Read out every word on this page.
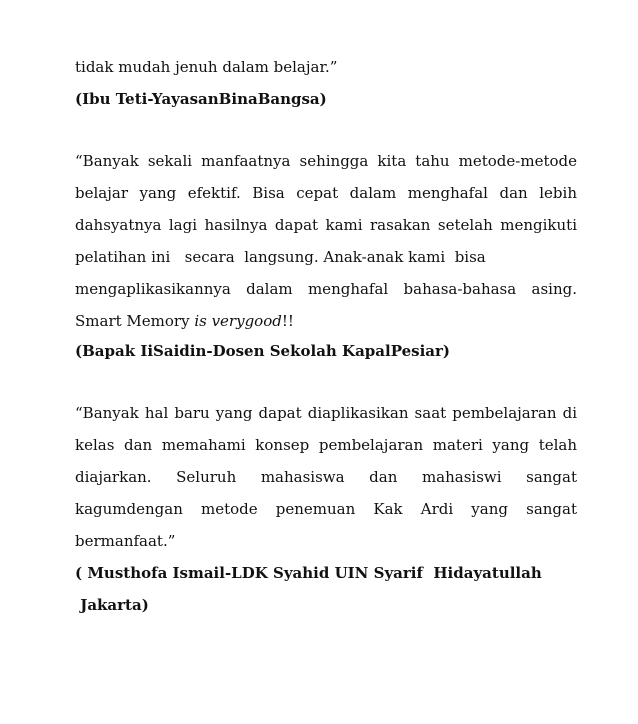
tidak mudah jenuh dalam belajar.”
(Ibu Teti-YayasanBinaBangsa)
“Banyak sekali manfaatnya sehingga kita tahu metode-metode
belajar yang efektif. Bisa cepat dalam menghafal dan lebih
dahsyatnya lagi hasilnya dapat kami rasakan setelah mengikuti
pelatihan ini   secara  langsung. Anak-anak kami  bisa
mengaplikasikannya dalam menghafal bahasa-bahasa asing.
Smart Memory is verygood!!
(Bapak IiSaidin-Dosen Sekolah KapalPesiar)
“Banyak hal baru yang dapat diaplikasikan saat pembelajaran di
kelas dan memahami konsep pembelajaran materi yang telah
diajarkan. Seluruh mahasiswa dan mahasiswi sangat
kagumdengan metode penemuan Kak Ardi yang sangat
bermanfaat.”
( Musthofa Ismail-LDK Syahid UIN Syarif  Hidayatullah
Jakarta)
